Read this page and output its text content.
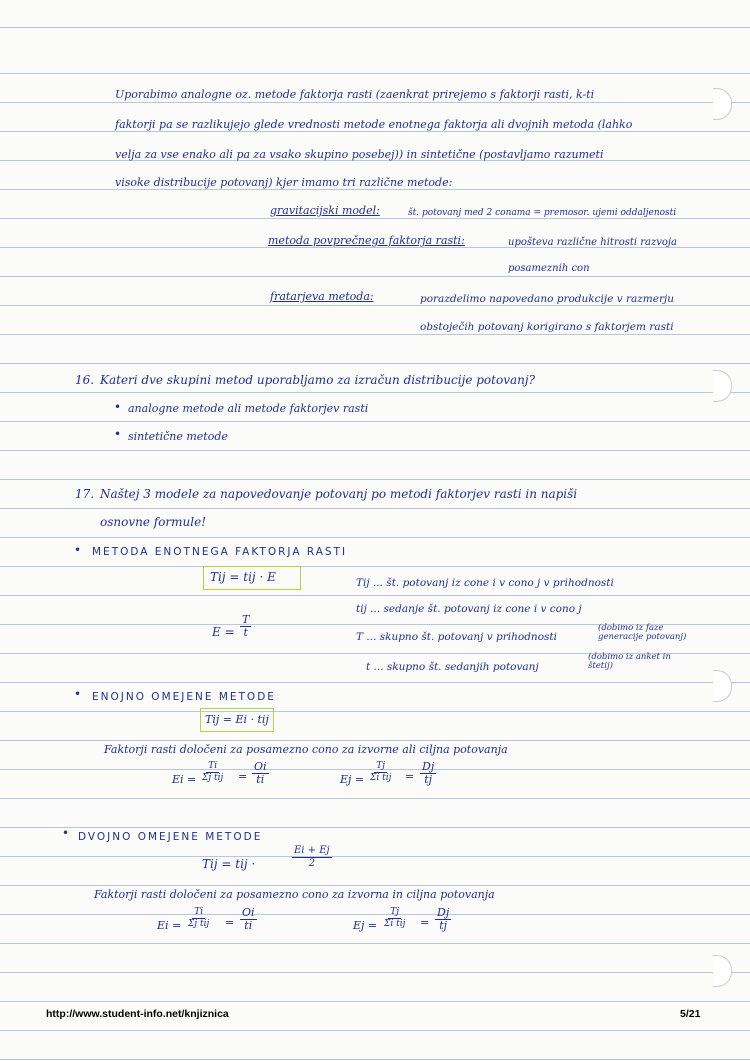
Uporabimo analogne oz. metode faktorja rasti (zaenkrat prirejemo s faktorji rasti, k-ti
faktorji pa se razlikujejo glede vrednosti metode enotnega faktorja ali dvojnih metoda (lahko
velja za vse enako ali pa za vsako skupino posebej)) in sintetične (postavljamo razumeti
visoke distribucije potovanj) kjer imamo tri različne metode:
gravitacijski model:	št. potovanj med 2 conama = premosor. ujemi oddaljenosti
metoda povprečnega faktorja rasti:	upošteva različne hitrosti razvoja
posameznih con
fratarjeva metoda:	porazdelimo napovedano produkcije v razmerju
obstoječih potovanj korigirano s faktorjem rasti
16. Kateri dve skupini metod uporabljamo za izračun distribucije potovanj?
• analogne metode ali metode faktorjev rasti
• sintetične metode
17. Naštej 3 modele za napovedovanje potovanj po metodi faktorjev rasti in napiši
osnovne formule!
• METODA ENOTNEGA FAKTORJA RASTI
Tij = tij · E
$E = \frac{T}{t}$
Tij ... št. potovanj iz cone i v cono j v prihodnosti
tij ... sedanje št. potovanj iz cone i v cono j
T ... skupno št. potovanj v prihodnosti
(dobimo iz faze generacije potovanj)
t ... skupno št. sedanjih potovanj
(dobimo iz anket in štetij)
• ENOJNO OMEJENE METODE
Tij = Ei · tij
Faktorji rasti določeni za posamezno cono za izvorne ali ciljna potovanja
Ei =
Ti
Σj tij = $\frac{Oi}{ti}$	Ej =
Tj
Σi tij = $\frac{Dj}{tj}$
• DVOJNO OMEJENE METODE
Tij = tij ·	$\frac{Ei + Ej}{2}$
Faktorji rasti določeni za posamezno cono za izvorna in ciljna potovanja
Ei =
Ti
Σj tij = $\frac{Oi}{ti}$	Ej =
Tj
Σi tij = $\frac{Dj}{tj}$
http://www.student-info.net/knjiznica	5/21
